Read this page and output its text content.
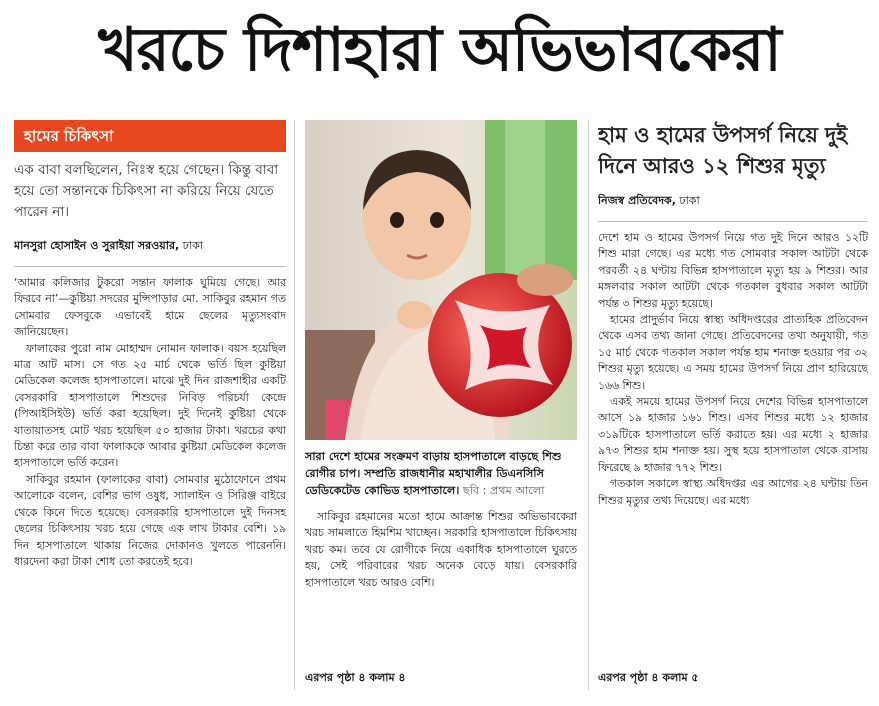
খরচে দিশাহারা অভিভাবকেরা
হামের চিকিৎসা
এক বাবা বলছিলেন, নিঃস্ব হয়ে গেছেন। কিন্তু বাবা হয়ে তো সন্তানকে চিকিৎসা না করিয়ে নিয়ে যেতে পারেন না।
মানসুরা হোসাইন ও সুরাইয়া সরওয়ার, ঢাকা

‘আমার কলিজার টুকরো সন্তান ফালাক ঘুমিয়ে গেছে। আর ফিরবে না’—কুষ্টিয়া সদরের মুন্সিপাড়ার মো. সাকিবুর রহমান গত সোমবার ফেসবুকে এভাবেই হামে ছেলের মৃত্যুসংবাদ জানিয়েছেন।

ফালাকের পুরো নাম মোহাম্মদ নোমান ফালাক। বয়স হয়েছিল মাত্র আট মাস। সে গত ২৫ মার্চ থেকে ভর্তি ছিল কুষ্টিয়া মেডিকেল কলেজ হাসপাতালে। মাঝে দুই দিন রাজশাহীর একটি বেসরকারি হাসপাতালে শিশুদের নিবিড় পরিচর্যা কেন্দ্রে (পিআইসিইউ) ভর্তি করা হয়েছিল। দুই দিনেই কুষ্টিয়া থেকে যাতায়াতসহ মোট খরচ হয়েছিল ৫০ হাজার টাকা। খরচের কথা চিন্তা করে তার বাবা ফালাককে আবার কুষ্টিয়া মেডিকেল কলেজ হাসপাতালে ভর্তি করেন।

সাকিবুর রহমান (ফালাকের বাবা) সোমবার মুঠোফোনে প্রথম আলোকে বলেন, বেশির ভাগ ওষুধ, স্যালাইন ও সিরিঞ্জ বাইরে থেকে কিনে দিতে হয়েছে। বেসরকারি হাসপাতালে দুই দিনসহ ছেলের চিকিৎসায় খরচ হয়ে গেছে এক লাখ টাকার বেশি। ১৯ দিন হাসপাতালে থাকায় নিজের দোকানও খুলতে পারেননি। ধারদেনা করা টাকা শোধ তো করতেই হবে।

সারা দেশে হামের সংক্রমণ বাড়ায় হাসপাতালে বাড়ছে শিশু রোগীর চাপ। সম্প্রতি রাজধানীর মহাখালীর ডিএনসিসি ডেডিকেটেড কোভিড হাসপাতালে। ছবি : প্রথম আলো

সাকিবুর রহমানের মতো হামে আক্রান্ত শিশুর অভিভাবকেরা খরচ সামলাতে হিমশিম খাচ্ছেন। সরকারি হাসপাতালে চিকিৎসায় খরচ কম। তবে যে রোগীকে নিয়ে একাধিক হাসপাতালে ঘুরতে হয়, সেই পরিবারের খরচ অনেক বেড়ে যায়। বেসরকারি হাসপাতালে খরচ আরও বেশি।

এরপর পৃষ্ঠা ৪ কলাম ৪
হাম ও হামের উপসর্গ নিয়ে দুই দিনে আরও ১২ শিশুর মৃত্যু
নিজস্ব প্রতিবেদক, ঢাকা

দেশে হাম ও হামের উপসর্গ নিয়ে গত দুই দিনে আরও ১২টি শিশু মারা গেছে। এর মধ্যে গত সোমবার সকাল আটটা থেকে পরবর্তী ২৪ ঘণ্টায় বিভিন্ন হাসপাতালে মৃত্যু হয় ৯ শিশুর। আর মঙ্গলবার সকাল আটটা থেকে গতকাল বুধবার সকাল আটটা পর্যন্ত ৩ শিশুর মৃত্যু হয়েছে।

হামের প্রাদুর্ভাব নিয়ে স্বাস্থ্য অধিদপ্তরের প্রাত্যহিক প্রতিবেদন থেকে এসব তথ্য জানা গেছে। প্রতিবেদনের তথ্য অনুযায়ী, গত ১৫ মার্চ থেকে গতকাল সকাল পর্যন্ত হাম শনাক্ত হওয়ার পর ৩২ শিশুর মৃত্যু হয়েছে। এ সময় হামের উপসর্গ নিয়ে প্রাণ হারিয়েছে ১৬৬ শিশু।

একই সময়ে হামের উপসর্গ নিয়ে দেশের বিভিন্ন হাসপাতালে আসে ১৯ হাজার ১৬১ শিশু। এসব শিশুর মধ্যে ১২ হাজার ৩১৯টিকে হাসপাতালে ভর্তি করাতে হয়। এর মধ্যে ২ হাজার ৯৭৩ শিশুর হাম শনাক্ত হয়। সুস্থ হয়ে হাসপাতাল থেকে বাসায় ফিরেছে ৯ হাজার ৭৭২ শিশু।

গতকাল সকালে স্বাস্থ্য অধিদপ্তর এর আগের ২৪ ঘণ্টায় তিন শিশুর মৃত্যুর তথ্য দিয়েছে। এর মধ্যে

এরপর পৃষ্ঠা ৪ কলাম ৫
